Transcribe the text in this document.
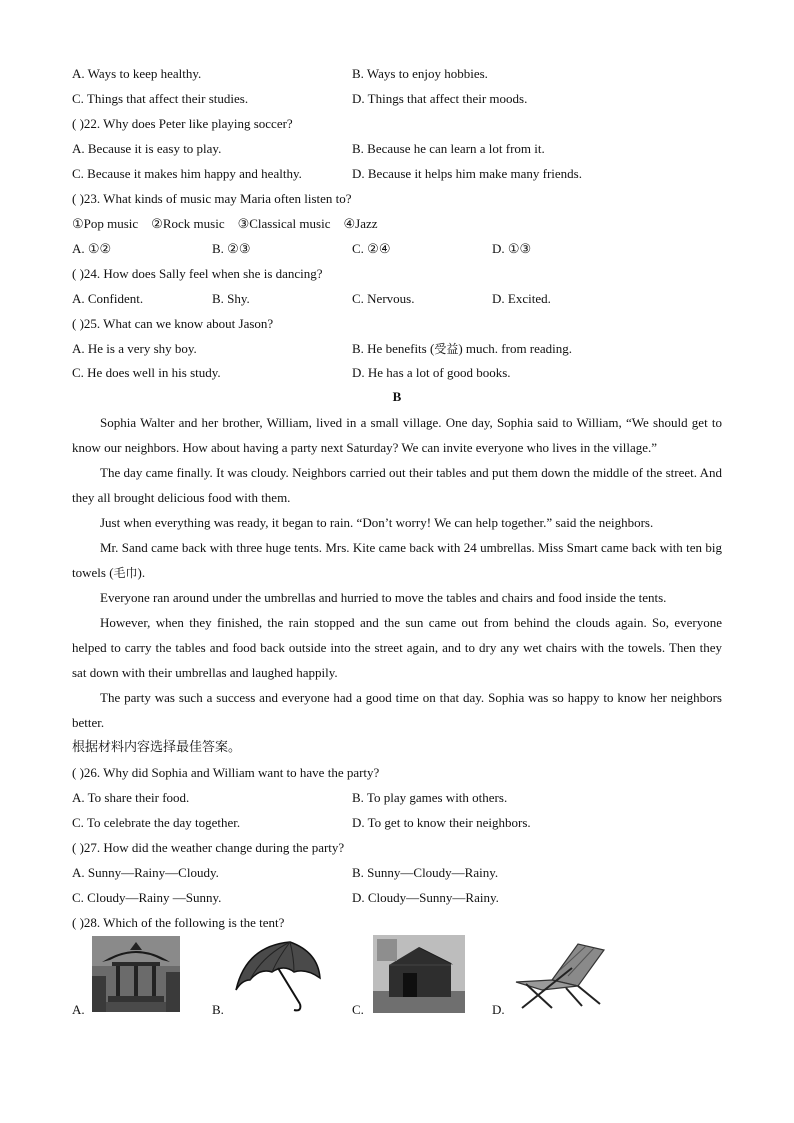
A. Ways to keep healthy.	B. Ways to enjoy hobbies.
C. Things that affect their studies.	D. Things that affect their moods.
( )22. Why does Peter like playing soccer?
A. Because it is easy to play.	B. Because he can learn a lot from it.
C. Because it makes him happy and healthy.	D. Because it helps him make many friends.
( )23. What kinds of music may Maria often listen to?
①Pop music    ②Rock music    ③Classical music    ④Jazz
A. ①②	B. ②③	C. ②④	D. ①③
( )24. How does Sally feel when she is dancing?
A. Confident.	B. Shy.	C. Nervous.	D. Excited.
( )25. What can we know about Jason?
A. He is a very shy boy.	B. He benefits (受益) much. from reading.
C. He does well in his study.	D. He has a lot of good books.
B
Sophia Walter and her brother, William, lived in a small village. One day, Sophia said to William, “We should get to know our neighbors. How about having a party next Saturday? We can invite everyone who lives in the village.”
The day came finally. It was cloudy. Neighbors carried out their tables and put them down the middle of the street. And they all brought delicious food with them.
Just when everything was ready, it began to rain. “Don’t worry! We can help together.” said the neighbors.
Mr. Sand came back with three huge tents. Mrs. Kite came back with 24 umbrellas. Miss Smart came back with ten big towels (毛巾).
Everyone ran around under the umbrellas and hurried to move the tables and chairs and food inside the tents.
However, when they finished, the rain stopped and the sun came out from behind the clouds again. So, everyone helped to carry the tables and food back outside into the street again, and to dry any wet chairs with the towels. Then they sat down with their umbrellas and laughed happily.
The party was such a success and everyone had a good time on that day. Sophia was so happy to know her neighbors better.
根据材料内容选择最佳答案。
( )26. Why did Sophia and William want to have the party?
A. To share their food.	B. To play games with others.
C. To celebrate the day together.	D. To get to know their neighbors.
( )27. How did the weather change during the party?
A. Sunny—Rainy—Cloudy.	B. Sunny—Cloudy—Rainy.
C. Cloudy—Rainy —Sunny.	D. Cloudy—Sunny—Rainy.
( )28. Which of the following is the tent?
A.	B.	C.	D.
